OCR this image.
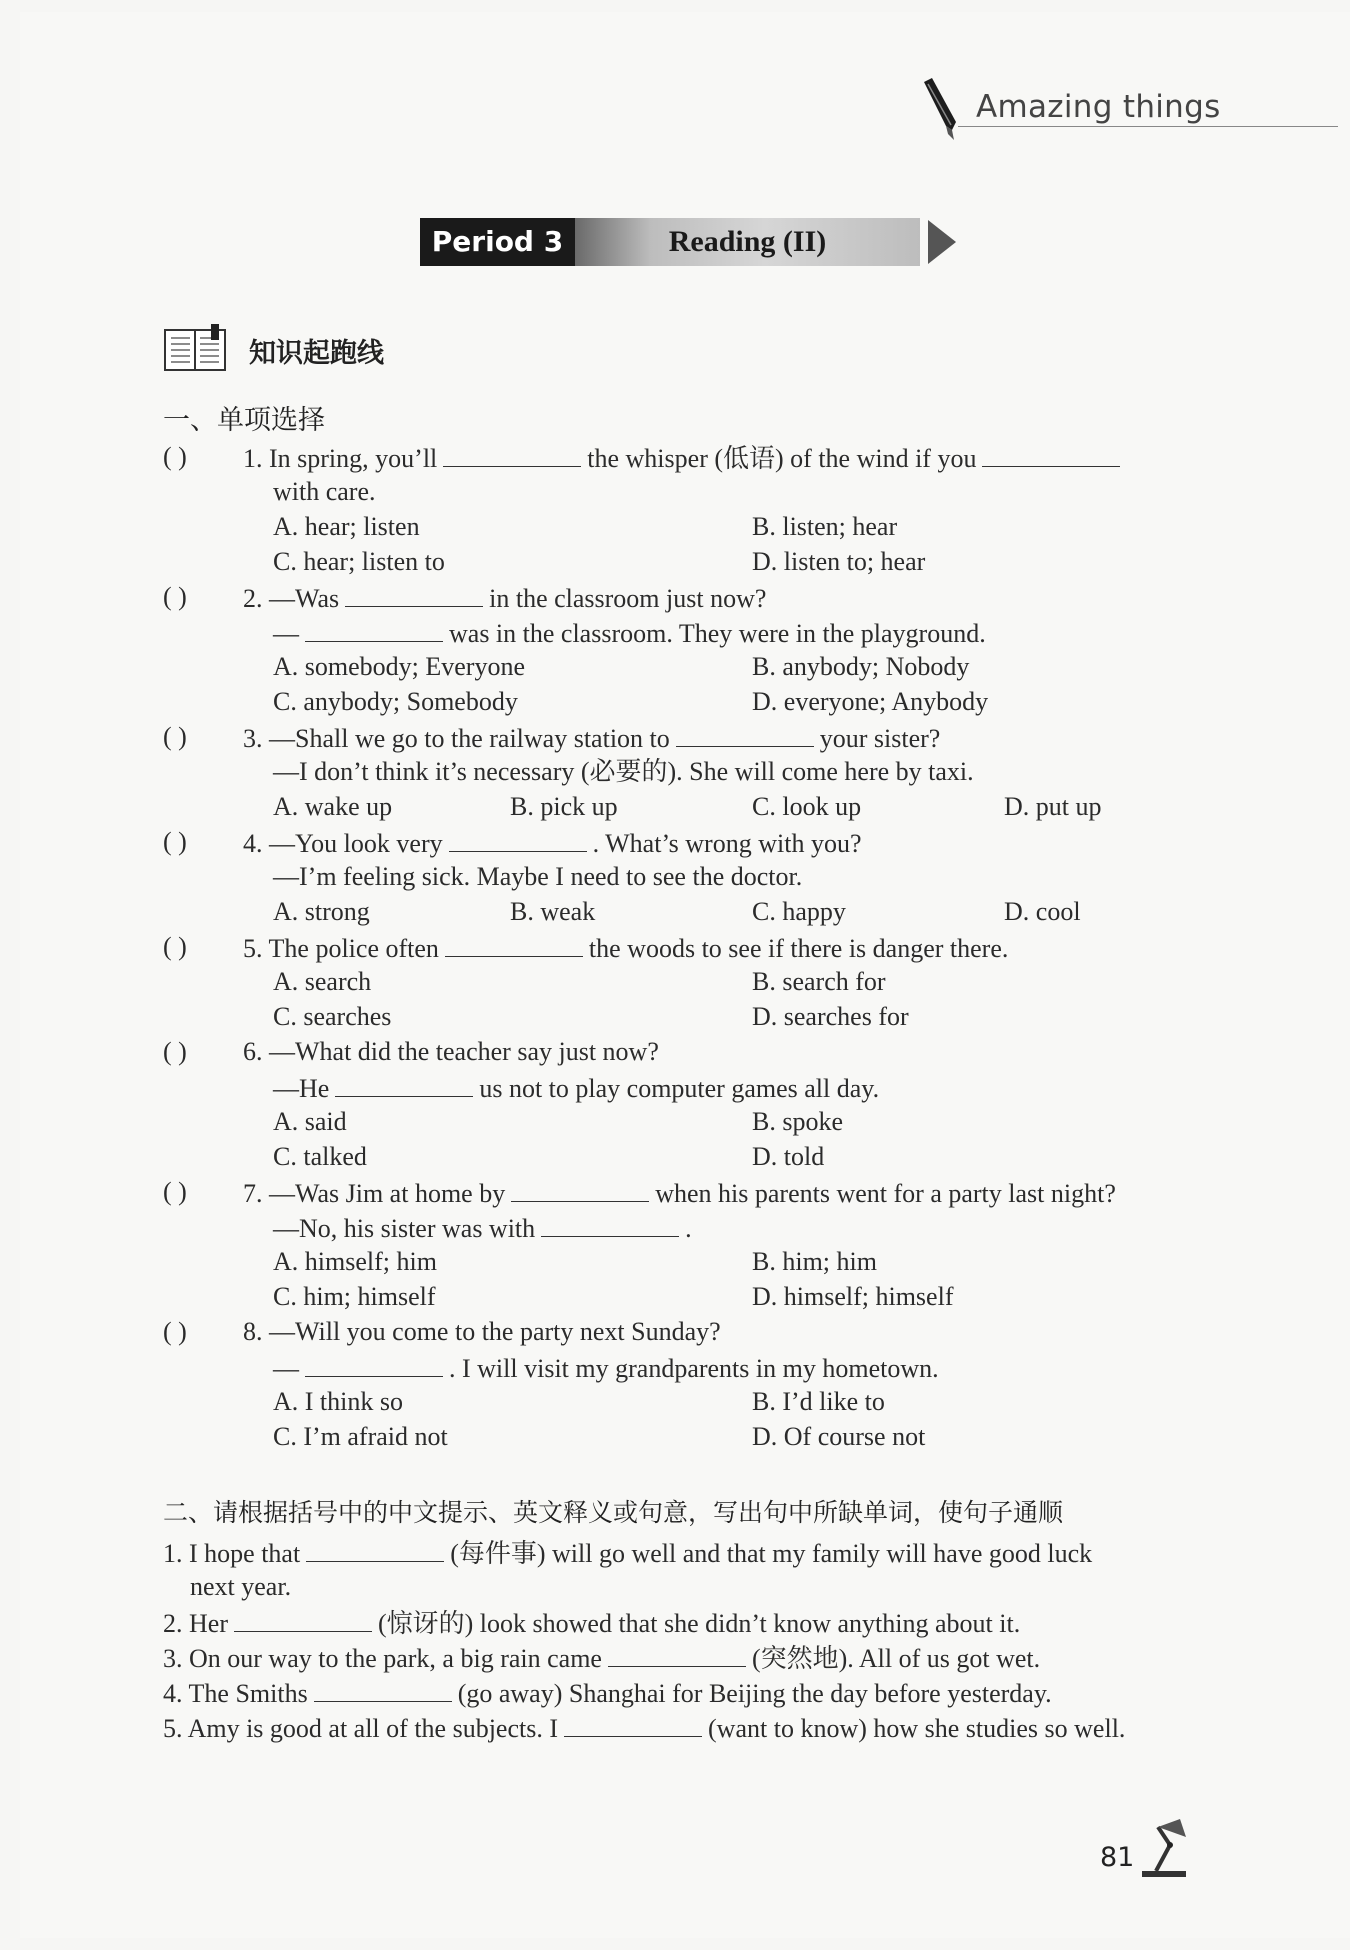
Amazing things
Period 3	Reading (II)
知识起跑线
一、单项选择
( ) 1. In spring, you’ll	the whisper (低语) of the wind if you
with care.
A. hear; listen	B. listen; hear
C. hear; listen to	D. listen to; hear
( ) 2. —Was	in the classroom just now?
—	was in the classroom. They were in the playground.
A. somebody; Everyone	B. anybody; Nobody
C. anybody; Somebody	D. everyone; Anybody
( ) 3. —Shall we go to the railway station to	your sister?
—I don’t think it’s necessary (必要的). She will come here by taxi.
A. wake up	B. pick up	C. look up	D. put up
( ) 4. —You look very	. What’s wrong with you?
—I’m feeling sick. Maybe I need to see the doctor.
A. strong	B. weak	C. happy	D. cool
( ) 5. The police often	the woods to see if there is danger there.
A. search	B. search for
C. searches	D. searches for
( ) 6. —What did the teacher say just now?
—He	us not to play computer games all day.
A. said	B. spoke
C. talked	D. told
( ) 7. —Was Jim at home by	when his parents went for a party last night?
—No, his sister was with	.
A. himself; him	B. him; him
C. him; himself	D. himself; himself
( ) 8. —Will you come to the party next Sunday?
—	. I will visit my grandparents in my hometown.
A. I think so	B. I’d like to
C. I’m afraid not	D. Of course not
二、请根据括号中的中文提示、英文释义或句意，写出句中所缺单词，使句子通顺
1. I hope that	(每件事) will go well and that my family will have good luck
next year.
2. Her	(惊讶的) look showed that she didn’t know anything about it.
3. On our way to the park, a big rain came	(突然地). All of us got wet.
4. The Smiths	(go away) Shanghai for Beijing the day before yesterday.
5. Amy is good at all of the subjects. I	(want to know) how she studies so well.
81
